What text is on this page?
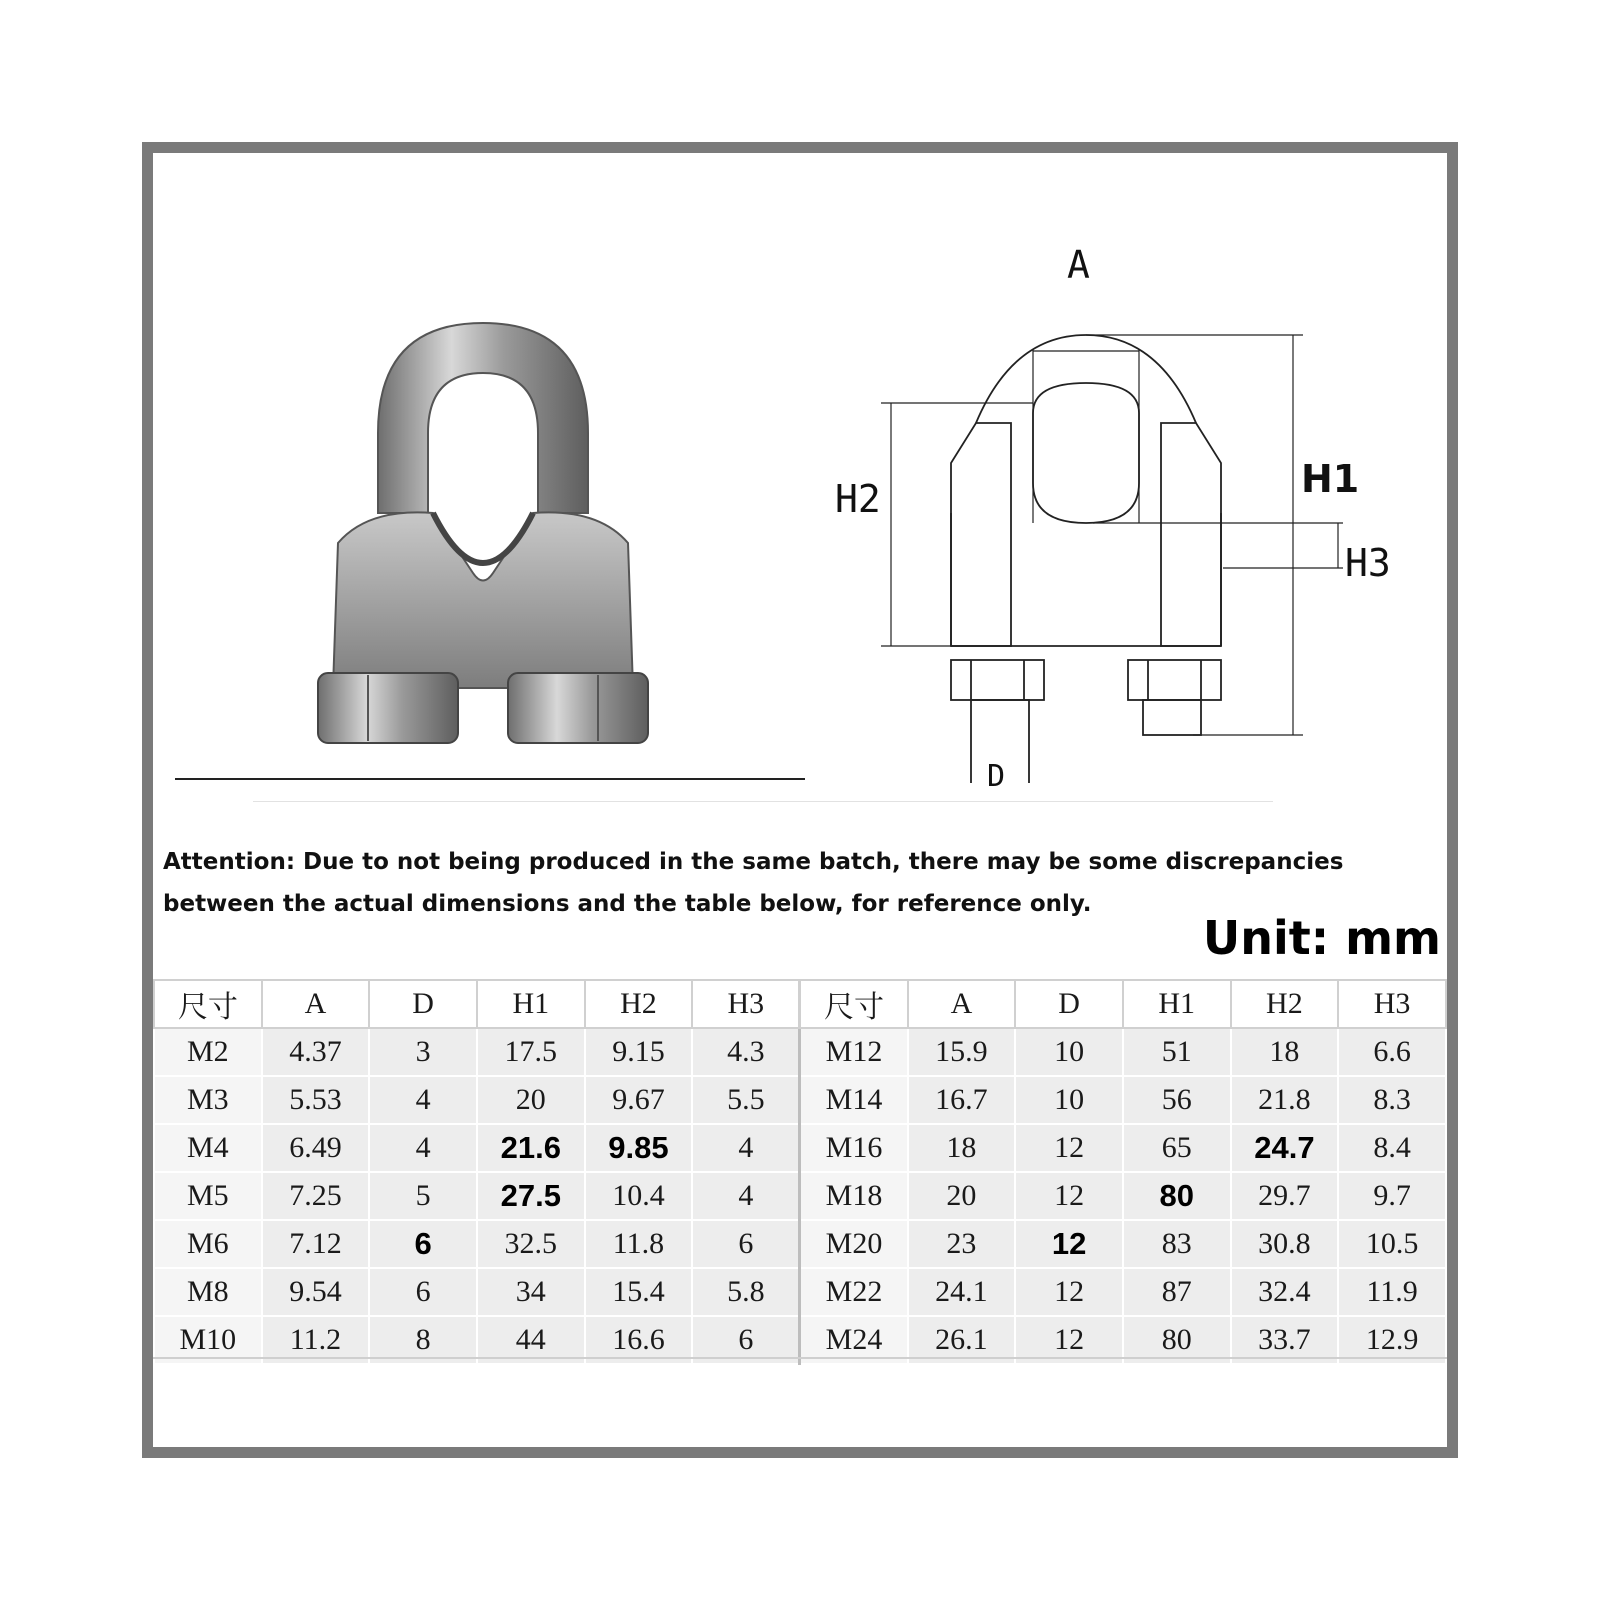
A
H2	H1
H3
D
Attention: Due to not being produced in the same batch, there may be some discrepancies between the actual dimensions and the table below, for reference only.
Unit: mm
尺寸	A	D	H1	H2	H3	尺寸	A	D	H1	H2	H3
M2	4.37	3	17.5	9.15	4.3	M12	15.9	10	51	18	6.6
M3	5.53	4	20	9.67	5.5	M14	16.7	10	56	21.8	8.3
M4	6.49	4	21.6	9.85	4	M16	18	12	65	24.7	8.4
M5	7.25	5	27.5	10.4	4	M18	20	12	80	29.7	9.7
M6	7.12	6	32.5	11.8	6	M20	23	12	83	30.8	10.5
M8	9.54	6	34	15.4	5.8	M22	24.1	12	87	32.4	11.9
M10	11.2	8	44	16.6	6	M24	26.1	12	80	33.7	12.9
